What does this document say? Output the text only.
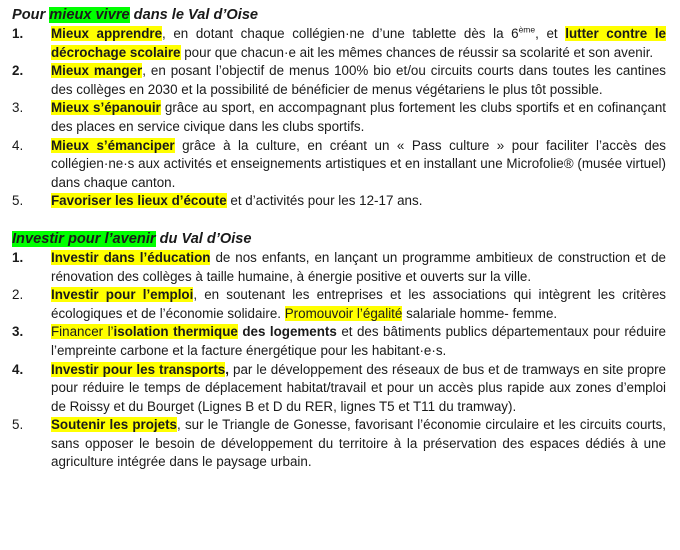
Pour mieux vivre dans le Val d’Oise
1. Mieux apprendre, en dotant chaque collégien·ne d’une tablette dès la 6ème, et lutter contre le décrochage scolaire pour que chacun·e ait les mêmes chances de réussir sa scolarité et son avenir.
2. Mieux manger, en posant l’objectif de menus 100% bio et/ou circuits courts dans toutes les cantines des collèges en 2030 et la possibilité de bénéficier de menus végétariens le plus tôt possible.
3. Mieux s’épanouir grâce au sport, en accompagnant plus fortement les clubs sportifs et en cofinançant des places en service civique dans les clubs sportifs.
4. Mieux s’émanciper grâce à la culture, en créant un « Pass culture » pour faciliter l’accès des collégien·ne·s aux activités et enseignements artistiques et en installant une Microfolie® (musée virtuel) dans chaque canton.
5. Favoriser les lieux d’écoute et d’activités pour les 12-17 ans.
Investir pour l’avenir du Val d’Oise
1. Investir dans l’éducation de nos enfants, en lançant un programme ambitieux de construction et de rénovation des collèges à taille humaine, à énergie positive et ouverts sur la ville.
2. Investir pour l’emploi, en soutenant les entreprises et les associations qui intègrent les critères écologiques et de l’économie solidaire. Promouvoir l’égalité salariale homme- femme.
3. Financer l’isolation thermique des logements et des bâtiments publics départementaux pour réduire l’empreinte carbone et la facture énergétique pour les habitant·e·s.
4. Investir pour les transports, par le développement des réseaux de bus et de tramways en site propre pour réduire le temps de déplacement habitat/travail et pour un accès plus rapide aux zones d’emploi de Roissy et du Bourget (Lignes B et D du RER, lignes T5 et T11 du tramway).
5. Soutenir les projets, sur le Triangle de Gonesse, favorisant l’économie circulaire et les circuits courts, sans opposer le besoin de développement du territoire à la préservation des espaces dédiés à une agriculture intégrée dans le paysage urbain.
